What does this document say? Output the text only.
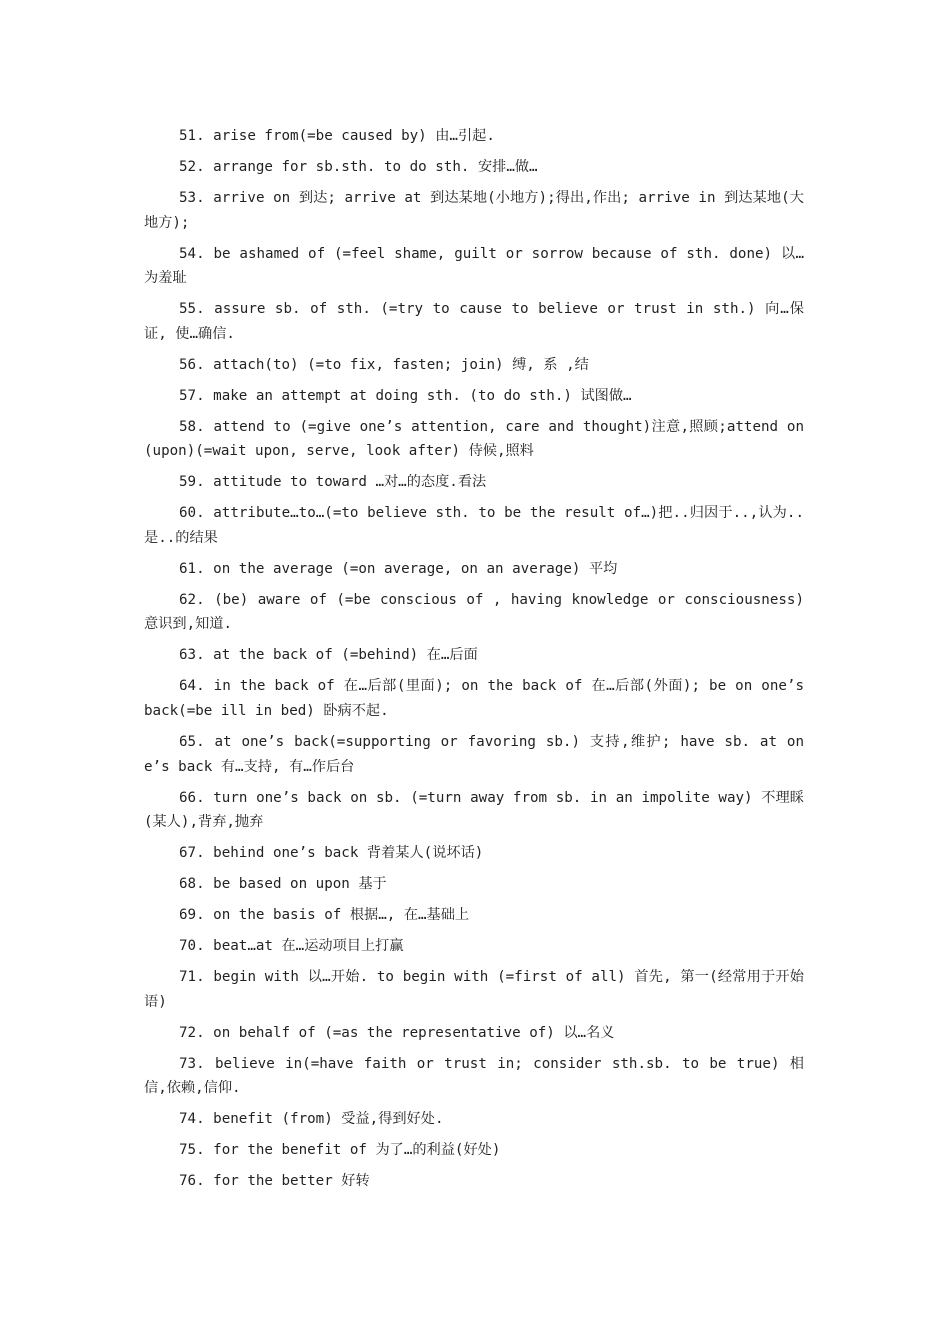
51. arise from(=be caused by) 由…引起.

52. arrange for sb.sth. to do sth. 安排…做…

53. arrive on 到达; arrive at 到达某地(小地方);得出,作出; arrive in 到达某地(大地方);

54. be ashamed of (=feel shame, guilt or sorrow because of sth. done) 以…为羞耻

55. assure sb. of sth. (=try to cause to believe or trust in sth.) 向…保证, 使…确信.

56. attach(to) (=to fix, fasten; join) 缚, 系 ,结

57. make an attempt at doing sth. (to do sth.) 试图做…

58. attend to (=give one’s attention, care and thought)注意,照顾;attend on(upon)(=wait upon, serve, look after) 侍候,照料

59. attitude to toward …对…的态度.看法

60. attribute…to…(=to believe sth. to be the result of…)把..归因于..,认为..是..的结果

61. on the average (=on average, on an average) 平均

62. (be) aware of (=be conscious of , having knowledge or consciousness)意识到,知道.

63. at the back of (=behind) 在…后面

64. in the back of 在…后部(里面); on the back of 在…后部(外面); be on one’s back(=be ill in bed) 卧病不起.

65. at one’s back(=supporting or favoring sb.) 支持,维护; have sb. at one’s back 有…支持, 有…作后台

66. turn one’s back on sb. (=turn away from sb. in an impolite way) 不理睬(某人),背弃,抛弃

67. behind one’s back 背着某人(说坏话)

68. be based on upon 基于

69. on the basis of 根据…, 在…基础上

70. beat…at 在…运动项目上打赢

71. begin with 以…开始. to begin with (=first of all) 首先, 第一(经常用于开始语)

72. on behalf of (=as the representative of) 以…名义

73. believe in(=have faith or trust in; consider sth.sb. to be true) 相信,依赖,信仰.

74. benefit (from) 受益,得到好处.

75. for the benefit of 为了…的利益(好处)

76. for the better 好转
